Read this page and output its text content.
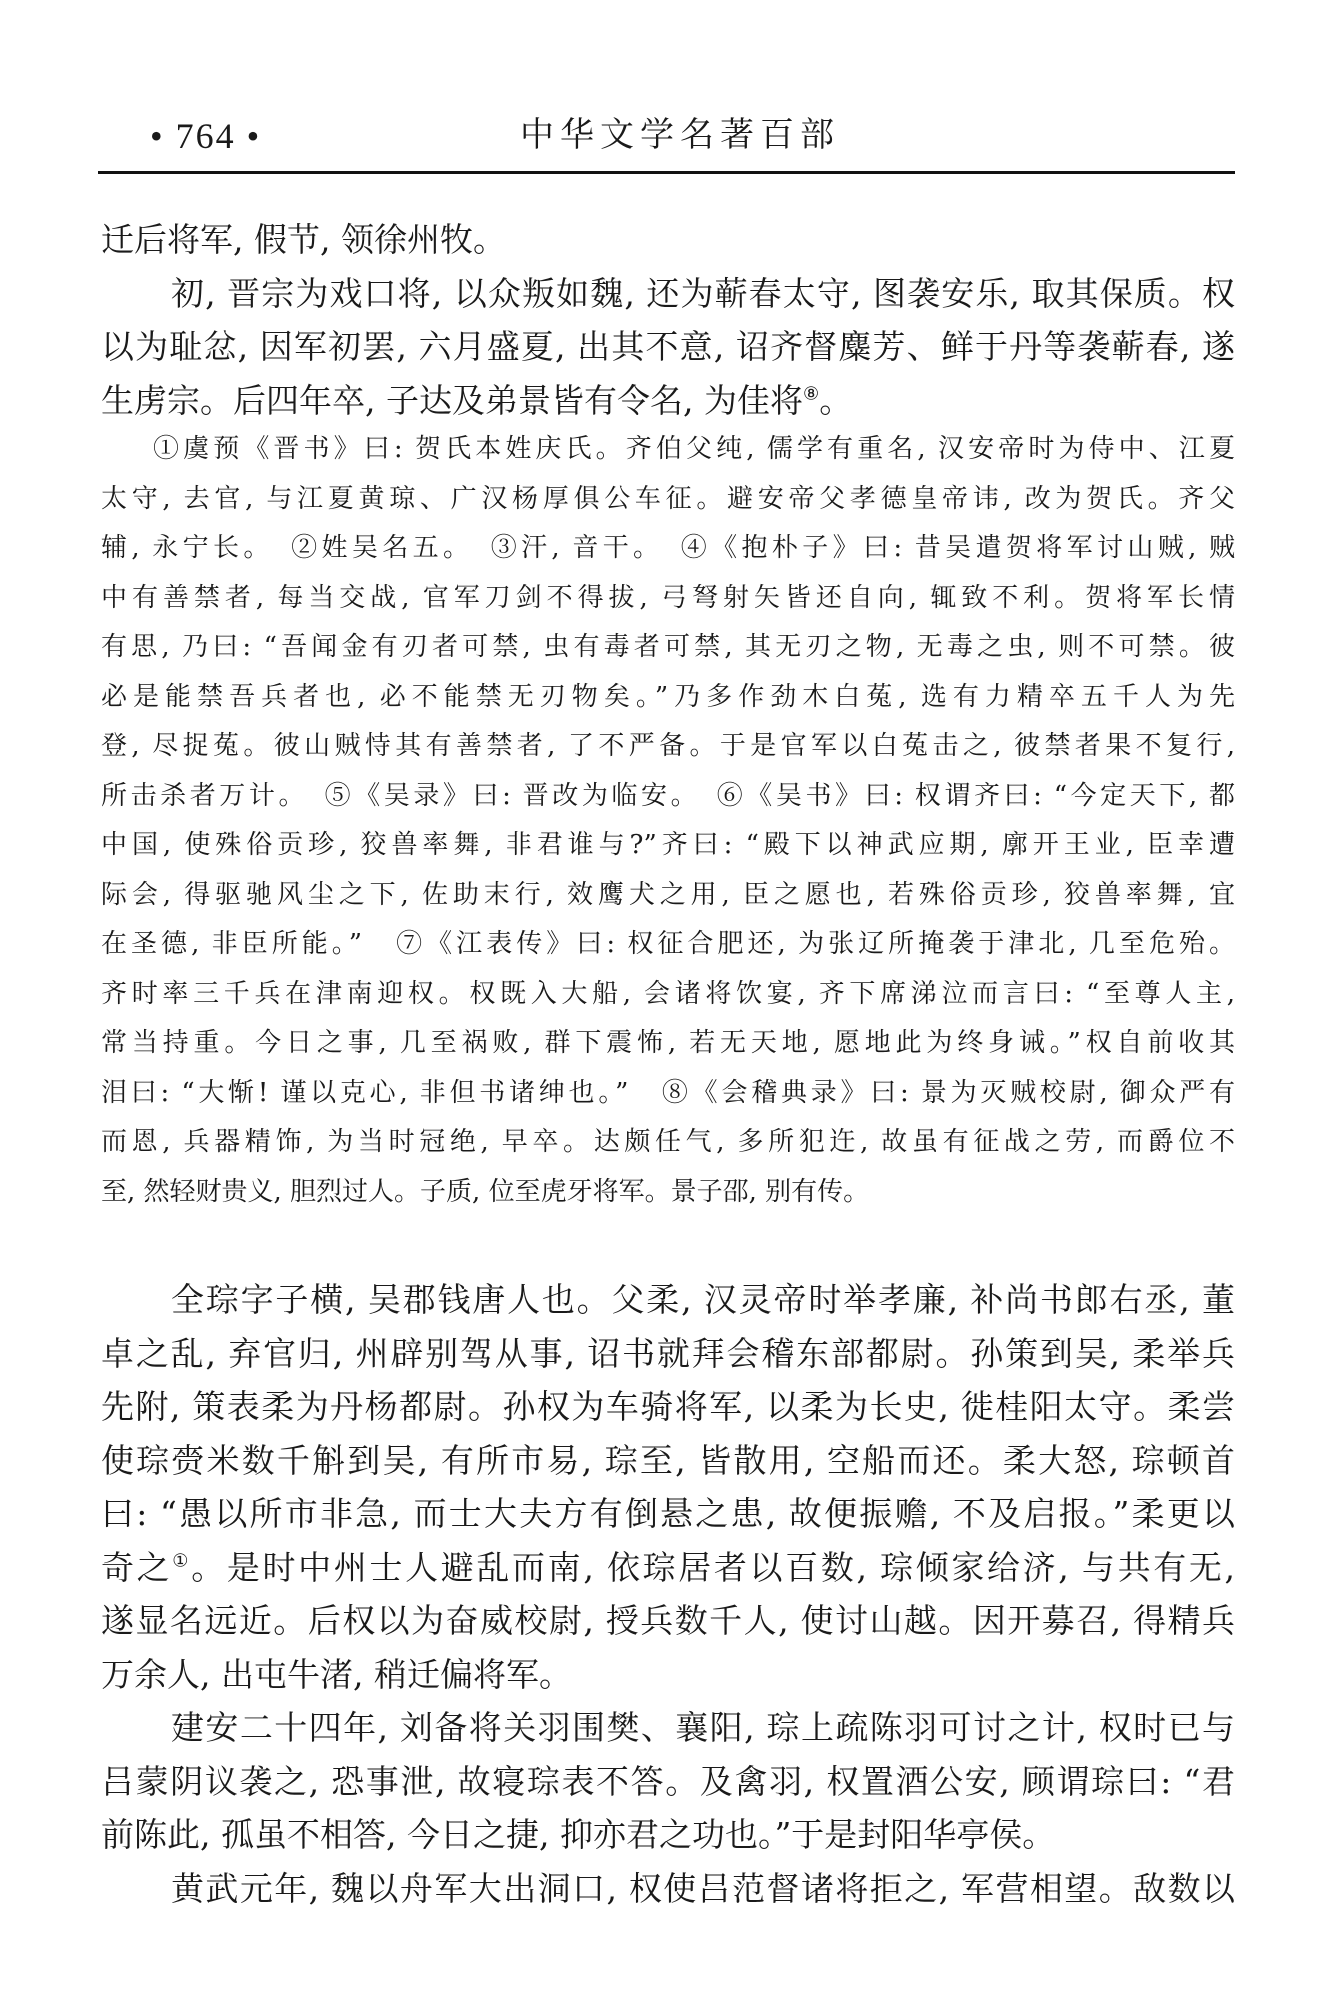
• 764 •	中华文学名著百部
迁后将军, 假节, 领徐州牧。
初, 晋宗为戏口将, 以众叛如魏, 还为蕲春太守, 图袭安乐, 取其保质。权
以为耻忿, 因军初罢, 六月盛夏, 出其不意, 诏齐督麋芳、鲜于丹等袭蕲春, 遂
生虏宗。后四年卒, 子达及弟景皆有令名, 为佳将⑧。
①虞预《晋书》曰: 贺氏本姓庆氏。齐伯父纯, 儒学有重名, 汉安帝时为侍中、江夏
太守, 去官, 与江夏黄琼、广汉杨厚俱公车征。避安帝父孝德皇帝讳, 改为贺氏。齐父
辅, 永宁长。　②姓吴名五。　③汗, 音干。　④《抱朴子》曰: 昔吴遣贺将军讨山贼, 贼
中有善禁者, 每当交战, 官军刀剑不得拔, 弓弩射矢皆还自向, 辄致不利。贺将军长情
有思, 乃曰: “吾闻金有刃者可禁, 虫有毒者可禁, 其无刃之物, 无毒之虫, 则不可禁。彼
必是能禁吾兵者也, 必不能禁无刃物矣。”乃多作劲木白菟, 选有力精卒五千人为先
登, 尽捉菟。彼山贼恃其有善禁者, 了不严备。于是官军以白菟击之, 彼禁者果不复行,
所击杀者万计。　⑤《吴录》曰: 晋改为临安。　⑥《吴书》曰: 权谓齐曰: “今定天下, 都
中国, 使殊俗贡珍, 狡兽率舞, 非君谁与?”齐曰: “殿下以神武应期, 廓开王业, 臣幸遭
际会, 得驱驰风尘之下, 佐助末行, 效鹰犬之用, 臣之愿也, 若殊俗贡珍, 狡兽率舞, 宜
在圣德, 非臣所能。”　⑦《江表传》曰: 权征合肥还, 为张辽所掩袭于津北, 几至危殆。
齐时率三千兵在津南迎权。权既入大船, 会诸将饮宴, 齐下席涕泣而言曰: “至尊人主,
常当持重。今日之事, 几至祸败, 群下震怖, 若无天地, 愿地此为终身诫。”权自前收其
泪曰: “大惭! 谨以克心, 非但书诸绅也。”　⑧《会稽典录》曰: 景为灭贼校尉, 御众严有
而恩, 兵器精饰, 为当时冠绝, 早卒。达颇任气, 多所犯迕, 故虽有征战之劳, 而爵位不
至, 然轻财贵义, 胆烈过人。子质, 位至虎牙将军。景子邵, 别有传。
全琮字子横, 吴郡钱唐人也。父柔, 汉灵帝时举孝廉, 补尚书郎右丞, 董
卓之乱, 弃官归, 州辟别驾从事, 诏书就拜会稽东部都尉。孙策到吴, 柔举兵
先附, 策表柔为丹杨都尉。孙权为车骑将军, 以柔为长史, 徙桂阳太守。柔尝
使琮赍米数千斛到吴, 有所市易, 琮至, 皆散用, 空船而还。柔大怒, 琮顿首
曰: “愚以所市非急, 而士大夫方有倒悬之患, 故便振赡, 不及启报。”柔更以
奇之①。是时中州士人避乱而南, 依琮居者以百数, 琮倾家给济, 与共有无,
遂显名远近。后权以为奋威校尉, 授兵数千人, 使讨山越。因开募召, 得精兵
万余人, 出屯牛渚, 稍迁偏将军。
建安二十四年, 刘备将关羽围樊、襄阳, 琮上疏陈羽可讨之计, 权时已与
吕蒙阴议袭之, 恐事泄, 故寝琮表不答。及禽羽, 权置酒公安, 顾谓琮曰: “君
前陈此, 孤虽不相答, 今日之捷, 抑亦君之功也。”于是封阳华亭侯。
黄武元年, 魏以舟军大出洞口, 权使吕范督诸将拒之, 军营相望。敌数以
